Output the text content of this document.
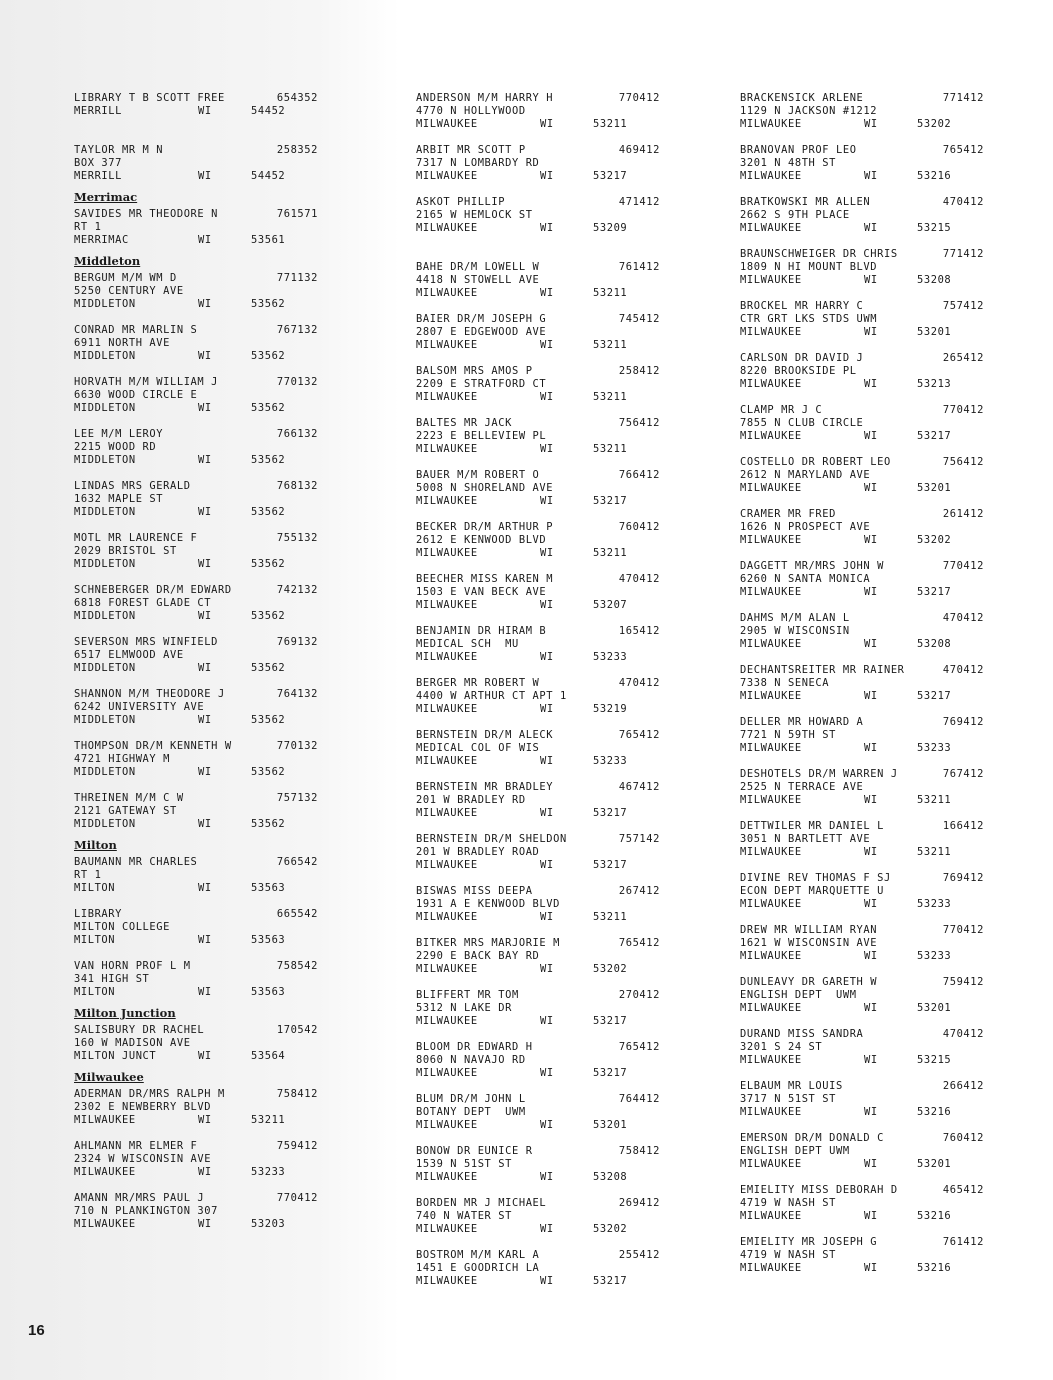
LIBRARY T B SCOTT FREE	654352
MERRILL	WI	54452
TAYLOR MR M N	258352
BOX 377
MERRILL	WI	54452
Merrimac
SAVIDES MR THEODORE N	761571
RT 1
MERRIMAC	WI	53561
Middleton
BERGUM M/M WM D	771132
5250 CENTURY AVE
MIDDLETON	WI	53562
CONRAD MR MARLIN S	767132
6911 NORTH AVE
MIDDLETON	WI	53562
HORVATH M/M WILLIAM J	770132
6630 WOOD CIRCLE E
MIDDLETON	WI	53562
LEE M/M LEROY	766132
2215 WOOD RD
MIDDLETON	WI	53562
LINDAS MRS GERALD	768132
1632 MAPLE ST
MIDDLETON	WI	53562
MOTL MR LAURENCE F	755132
2029 BRISTOL ST
MIDDLETON	WI	53562
SCHNEBERGER DR/M EDWARD	742132
6818 FOREST GLADE CT
MIDDLETON	WI	53562
SEVERSON MRS WINFIELD	769132
6517 ELMWOOD AVE
MIDDLETON	WI	53562
SHANNON M/M THEODORE J	764132
6242 UNIVERSITY AVE
MIDDLETON	WI	53562
THOMPSON DR/M KENNETH W	770132
4721 HIGHWAY M
MIDDLETON	WI	53562
THREINEN M/M C W	757132
2121 GATEWAY ST
MIDDLETON	WI	53562
Milton
BAUMANN MR CHARLES	766542
RT 1
MILTON	WI	53563
LIBRARY	665542
MILTON COLLEGE
MILTON	WI	53563
VAN HORN PROF L M	758542
341 HIGH ST
MILTON	WI	53563
Milton Junction
SALISBURY DR RACHEL	170542
160 W MADISON AVE
MILTON JUNCT	WI	53564
Milwaukee
ADERMAN DR/MRS RALPH M	758412
2302 E NEWBERRY BLVD
MILWAUKEE	WI	53211
AHLMANN MR ELMER F	759412
2324 W WISCONSIN AVE
MILWAUKEE	WI	53233
AMANN MR/MRS PAUL J	770412
710 N PLANKINGTON 307
MILWAUKEE	WI	53203
ANDERSON M/M HARRY H	770412
4770 N HOLLYWOOD
MILWAUKEE	WI	53211
ARBIT MR SCOTT P	469412
7317 N LOMBARDY RD
MILWAUKEE	WI	53217
ASKOT PHILLIP	471412
2165 W HEMLOCK ST
MILWAUKEE	WI	53209
BAHE DR/M LOWELL W	761412
4418 N STOWELL AVE
MILWAUKEE	WI	53211
BAIER DR/M JOSEPH G	745412
2807 E EDGEWOOD AVE
MILWAUKEE	WI	53211
BALSOM MRS AMOS P	258412
2209 E STRATFORD CT
MILWAUKEE	WI	53211
BALTES MR JACK	756412
2223 E BELLEVIEW PL
MILWAUKEE	WI	53211
BAUER M/M ROBERT O	766412
5008 N SHORELAND AVE
MILWAUKEE	WI	53217
BECKER DR/M ARTHUR P	760412
2612 E KENWOOD BLVD
MILWAUKEE	WI	53211
BEECHER MISS KAREN M	470412
1503 E VAN BECK AVE
MILWAUKEE	WI	53207
BENJAMIN DR HIRAM B	165412
MEDICAL SCH  MU
MILWAUKEE	WI	53233
BERGER MR ROBERT W	470412
4400 W ARTHUR CT APT 1
MILWAUKEE	WI	53219
BERNSTEIN DR/M ALECK	765412
MEDICAL COL OF WIS
MILWAUKEE	WI	53233
BERNSTEIN MR BRADLEY	467412
201 W BRADLEY RD
MILWAUKEE	WI	53217
BERNSTEIN DR/M SHELDON	757142
201 W BRADLEY ROAD
MILWAUKEE	WI	53217
BISWAS MISS DEEPA	267412
1931 A E KENWOOD BLVD
MILWAUKEE	WI	53211
BITKER MRS MARJORIE M	765412
2290 E BACK BAY RD
MILWAUKEE	WI	53202
BLIFFERT MR TOM	270412
5312 N LAKE DR
MILWAUKEE	WI	53217
BLOOM DR EDWARD H	765412
8060 N NAVAJO RD
MILWAUKEE	WI	53217
BLUM DR/M JOHN L	764412
BOTANY DEPT  UWM
MILWAUKEE	WI	53201
BONOW DR EUNICE R	758412
1539 N 51ST ST
MILWAUKEE	WI	53208
BORDEN MR J MICHAEL	269412
740 N WATER ST
MILWAUKEE	WI	53202
BOSTROM M/M KARL A	255412
1451 E GOODRICH LA
MILWAUKEE	WI	53217
BRACKENSICK ARLENE	771412
1129 N JACKSON #1212
MILWAUKEE	WI	53202
BRANOVAN PROF LEO	765412
3201 N 48TH ST
MILWAUKEE	WI	53216
BRATKOWSKI MR ALLEN	470412
2662 S 9TH PLACE
MILWAUKEE	WI	53215
BRAUNSCHWEIGER DR CHRIS	771412
1809 N HI MOUNT BLVD
MILWAUKEE	WI	53208
BROCKEL MR HARRY C	757412
CTR GRT LKS STDS UWM
MILWAUKEE	WI	53201
CARLSON DR DAVID J	265412
8220 BROOKSIDE PL
MILWAUKEE	WI	53213
CLAMP MR J C	770412
7855 N CLUB CIRCLE
MILWAUKEE	WI	53217
COSTELLO DR ROBERT LEO	756412
2612 N MARYLAND AVE
MILWAUKEE	WI	53201
CRAMER MR FRED	261412
1626 N PROSPECT AVE
MILWAUKEE	WI	53202
DAGGETT MR/MRS JOHN W	770412
6260 N SANTA MONICA
MILWAUKEE	WI	53217
DAHMS M/M ALAN L	470412
2905 W WISCONSIN
MILWAUKEE	WI	53208
DECHANTSREITER MR RAINER	470412
7338 N SENECA
MILWAUKEE	WI	53217
DELLER MR HOWARD A	769412
7721 N 59TH ST
MILWAUKEE	WI	53233
DESHOTELS DR/M WARREN J	767412
2525 N TERRACE AVE
MILWAUKEE	WI	53211
DETTWILER MR DANIEL L	166412
3051 N BARTLETT AVE
MILWAUKEE	WI	53211
DIVINE REV THOMAS F SJ	769412
ECON DEPT MARQUETTE U
MILWAUKEE	WI	53233
DREW MR WILLIAM RYAN	770412
1621 W WISCONSIN AVE
MILWAUKEE	WI	53233
DUNLEAVY DR GARETH W	759412
ENGLISH DEPT  UWM
MILWAUKEE	WI	53201
DURAND MISS SANDRA	470412
3201 S 24 ST
MILWAUKEE	WI	53215
ELBAUM MR LOUIS	266412
3717 N 51ST ST
MILWAUKEE	WI	53216
EMERSON DR/M DONALD C	760412
ENGLISH DEPT UWM
MILWAUKEE	WI	53201
EMIELITY MISS DEBORAH D	465412
4719 W NASH ST
MILWAUKEE	WI	53216
EMIELITY MR JOSEPH G	761412
4719 W NASH ST
MILWAUKEE	WI	53216
16
